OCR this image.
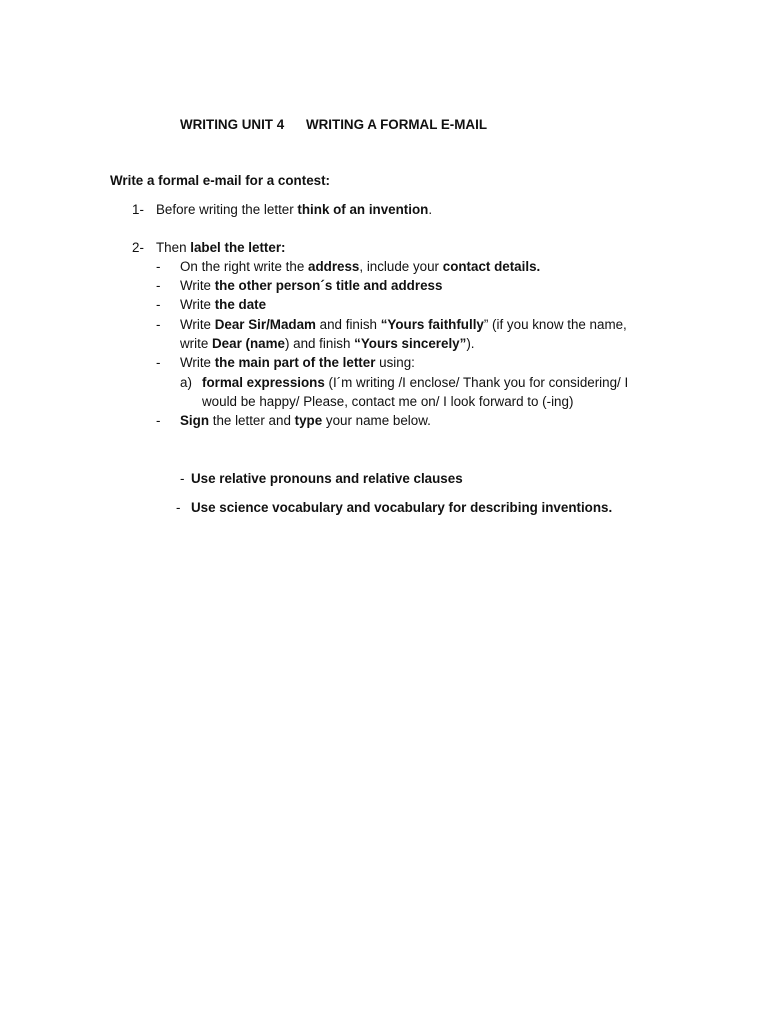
WRITING UNIT 4 WRITING A FORMAL E-MAIL
Write a formal e-mail for a contest:
1- Before writing the letter think of an invention.
2- Then label the letter:
- On the right write the address, include your contact details.
- Write the other person´s title and address
- Write the date
- Write Dear Sir/Madam and finish “Yours faithfully” (if you know the name,
write Dear (name) and finish “Yours sincerely”).
- Write the main part of the letter using:
a) formal expressions (I´m writing /I enclose/ Thank you for considering/ I
would be happy/ Please, contact me on/ I look forward to (-ing)
- Sign the letter and type your name below.
- Use relative pronouns and relative clauses
- Use science vocabulary and vocabulary for describing inventions.
